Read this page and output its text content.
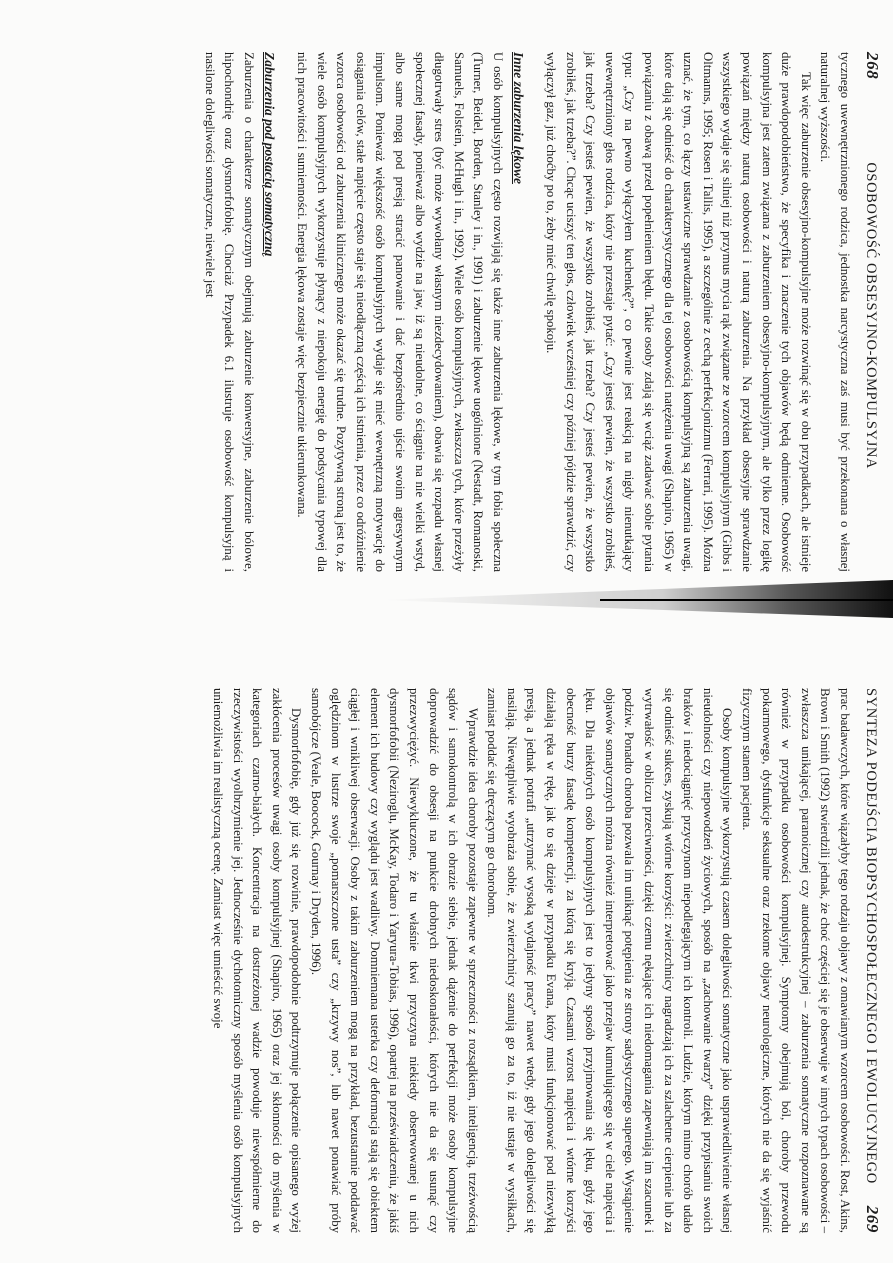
268
OSOBOWOŚĆ OBSESYJNO-KOMPULSYJNA

tycznego uwewnętrznionego rodzica, jednostka narcystyczna zaś musi być przekonana o własnej naturalnej wyższości.

Tak więc zaburzenie obsesyjno-kompulsyjne może rozwinąć się w obu przypadkach, ale istnieje duże prawdopodobieństwo, że specyfika i znaczenie tych objawów będą odmienne. Osobowość kompulsyjna jest zatem związana z zaburzeniem obsesyjno-kompulsyjnym, ale tylko przez logikę powiązań między naturą osobowości i naturą zaburzenia. Na przykład obsesyjne sprawdzanie wszystkiego wydaje się silniej niż przymus mycia rąk związane ze wzorcem kompulsyjnym (Gibbs i Oltmanns, 1995; Rosen i Tallis, 1995), a szczególnie z cechą perfekcjonizmu (Ferrari, 1995). Można uznać, że tym, co łączy ustawiczne sprawdzanie z osobowością kompulsyjną są zaburzenia uwagi, które dają się odnieść do charakterystycznego dla tej osobowości natężenia uwagi (Shapiro, 1965) w powiązaniu z obawą przed popełnieniem błędu. Takie osoby zdają się wciąż zadawać sobie pytania typu: „Czy na pewno wyłączyłem kuchenkę?”, co pewnie jest reakcją na nigdy nienutkający uwewnętrzniony głos rodzica, który nie przestaje pytać: „Czy jesteś pewien, że wszystko zrobiłeś, jak trzeba? Czy jesteś pewien, że wszystko zrobiłeś, jak trzeba? Czy jesteś pewien, że wszystko zrobiłeś, jak trzeba?”. Chcąc uciszyć ten głos, człowiek wcześniej czy później pójdzie sprawdzić, czy wyłączył gaz, już choćby po to, żeby mieć chwilę spokoju.

Inne zaburzenia lękowe

U osób kompulsyjnych często rozwijają się także inne zaburzenia lękowe, w tym fobia społeczna (Turner, Beidel, Borden, Stanley i in., 1991) i zaburzenie lękowe uogólnione (Nestadt, Romanoski, Samuels, Folstein, McHugh i in., 1992). Wiele osób kompulsyjnych, zwłaszcza tych, które przeżyły długotrwały stres (być może wywołany własnym niezdecydowaniem), obawia się rozpadu własnej społecznej fasady, ponieważ albo wydzie na jaw, iż są nieudolne, co ściągnie na nie wielki wstyd, albo same mogą pod presją stracić panowanie i dać bezpośrednio ujście swoim agresywnym impulsom. Ponieważ większość osób kompulsyjnych wydaje się mieć wewnętrzną motywację do osiągania celów, stałe napięcie często staje się nieodłączną częścią ich istnienia, przez co odróżnienie wzorca osobowości od zaburzenia klinicznego może okazać się trudne. Pozytywną stroną jest to, że wiele osób kompulsyjnych wykorzystuje płynący z niepokoju energię do podsycania typowej dla nich pracowitości i sumienności. Energia lękowa zostaje więc bezpiecznie ukierunkowana.

Zaburzenia pod postacią somatyczną

Zaburzenia o charakterze somatycznym obejmują zaburzenie konwersyjne, zaburzenie bólowe, hipochondrię oraz dysmorfofobię. Chociaż Przypadek 6.1 ilustruje osobowość kompulsyjną i nasilone dolegliwości somatyczne, niewiele jest

SYNTEZA PODEJŚCIA BIOPSYCHOSPOŁECZNEGO I EWOLUCYJNEGO
269

prac badawczych, które wiązałyby tego rodzaju objawy z omawianym wzorcem osobowości. Rost, Akins, Brown i Smith (1992) stwierdzili jednak, że choć częściej się je obserwuje w innych typach osobowości – zwłaszcza unikającej, paranoicznej czy autodestrukcyjnej – zaburzenia somatyczne rozpoznawane są również w przypadku osobowości kompulsyjnej. Symptomy obejmują ból, choroby przewodu pokarmowego, dysfunkcje seksualne oraz rzekome objawy neurologiczne, których nie da się wyjaśnić fizycznym stanem pacjenta.

Osoby kompulsyjne wykorzystują czasem dolegliwości somatyczne jako usprawiedliwienie własnej nieudolności czy niepowodzeń życiowych, sposób na „zachowanie twarzy” dzięki przypisaniu swoich braków i niedociągnięć przyczynom niepodlegającym ich kontroli. Ludzie, którym mimo chorób udało się odnieść sukces, zyskują wtórne korzyści: zwierzchnicy nagradzają ich za szlachetne cierpienie lub za wytrwałość w obliczu przeciwności, dzięki czemu nękające ich niedomagania zapewniają im szacunek i podziw. Ponadto choroba pozwala im uniknąć potępienia ze strony sadystycznego superego. Wystąpienie objawów somatycznych można również interpretować jako przejaw kumulującego się w ciele napięcia i lęku. Dla niektórych osób kompulsyjnych jest to jedyny sposób przyjmowania się lęku, gdyż jego obecność burzy fasadę kompetencji, za którą się kryją. Czasami wzrost napięcia i wtórne korzyści działają ręka w rękę, jak to się dzieje w przypadku Evana, który musi funkcjonować pod niezwykłą presją, a jednak potrafi „utrzymać wysoką wydajność pracy” nawet wtedy, gdy jego dolegliwości się nasilają. Niewątpliwie wyobraża sobie, że zwierzchnicy szanują go za to, iż nie ustaje w wysiłkach, zamiast poddać się dręczącym go chorobom.

Wprawdzie idea choroby pozostaje zapewne w sprzeczności z rozsądkiem, inteligencją, trzeźwością sądów i samokontrolą w ich obrazie siebie, jednak dążenie do perfekcji może osoby kompulsyjne doprowadzić do obsesji na punkcie drobnych niedoskonałości, których nie da się usunąć czy przezwyciężyć. Niewykluczone, że tu właśnie tkwi przyczyna niekiedy obserwowanej u nich dysmorfofobii (Neziroglu, McKay, Todaro i Yaryura-Tobias, 1996), opartej na przeświadczeniu, że jakiś element ich budowy czy wyglądu jest wadliwy. Domniemana usterka czy deformacja stają się obiektem ciągłej i wnikliwej obserwacji. Osoby z takim zaburzeniem mogą na przykład, bezustannie poddawać oględzinom w lustrze swoje „pomarszczone usta” czy „krzywy nos”, lub nawet ponawiać próby samobójcze (Veale, Boocock, Gournay i Dryden, 1996).

Dysmorfofobię, gdy już się rozwinie, prawdopodobnie podtrzymuje połączenie opisanego wyżej zakłócenia procesów uwagi osoby kompulsyjnej (Shapiro, 1965) oraz jej skłonności do myślenia w kategoriach czarno-białych. Koncentracja na dostrzeżonej wadzie powoduje niewspółmierne do rzeczywistości wyolbrzymienie jej. Jednocześnie dychotomiczny sposób myślenia osób kompulsyjnych uniemożliwia im realistyczną ocenę. Zamiast więc umieścić swoje
